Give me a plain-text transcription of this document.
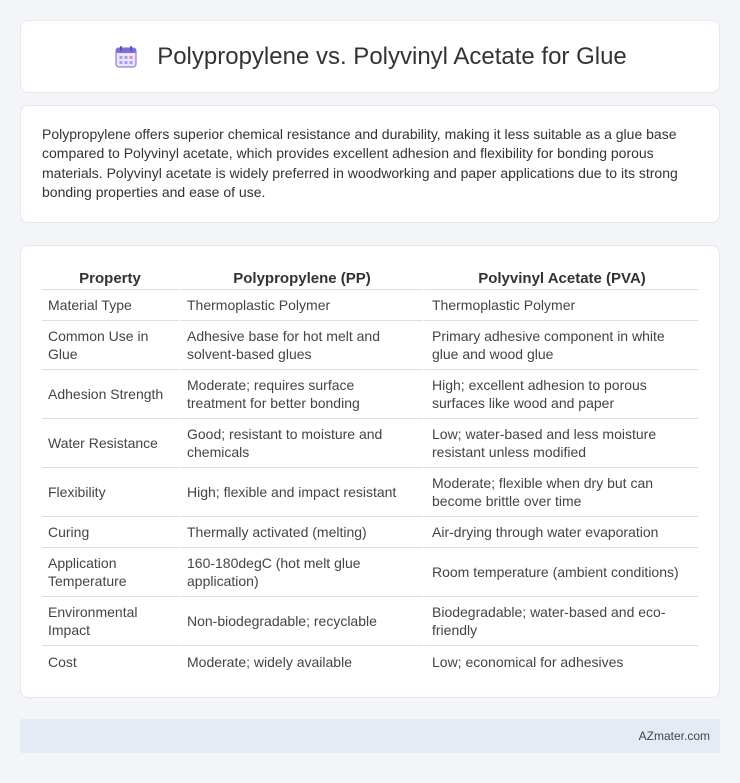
Polypropylene vs. Polyvinyl Acetate for Glue

Polypropylene offers superior chemical resistance and durability, making it less suitable as a glue base compared to Polyvinyl acetate, which provides excellent adhesion and flexibility for bonding porous materials. Polyvinyl acetate is widely preferred in woodworking and paper applications due to its strong bonding properties and ease of use.

Property	Polypropylene (PP)	Polyvinyl Acetate (PVA)
Material Type	Thermoplastic Polymer	Thermoplastic Polymer
Common Use in Glue	Adhesive base for hot melt and solvent-based glues	Primary adhesive component in white glue and wood glue
Adhesion Strength	Moderate; requires surface treatment for better bonding	High; excellent adhesion to porous surfaces like wood and paper
Water Resistance	Good; resistant to moisture and chemicals	Low; water-based and less moisture resistant unless modified
Flexibility	High; flexible and impact resistant	Moderate; flexible when dry but can become brittle over time
Curing	Thermally activated (melting)	Air-drying through water evaporation
Application Temperature	160-180degC (hot melt glue application)	Room temperature (ambient conditions)
Environmental Impact	Non-biodegradable; recyclable	Biodegradable; water-based and eco-friendly
Cost	Moderate; widely available	Low; economical for adhesives
AZmater.com
